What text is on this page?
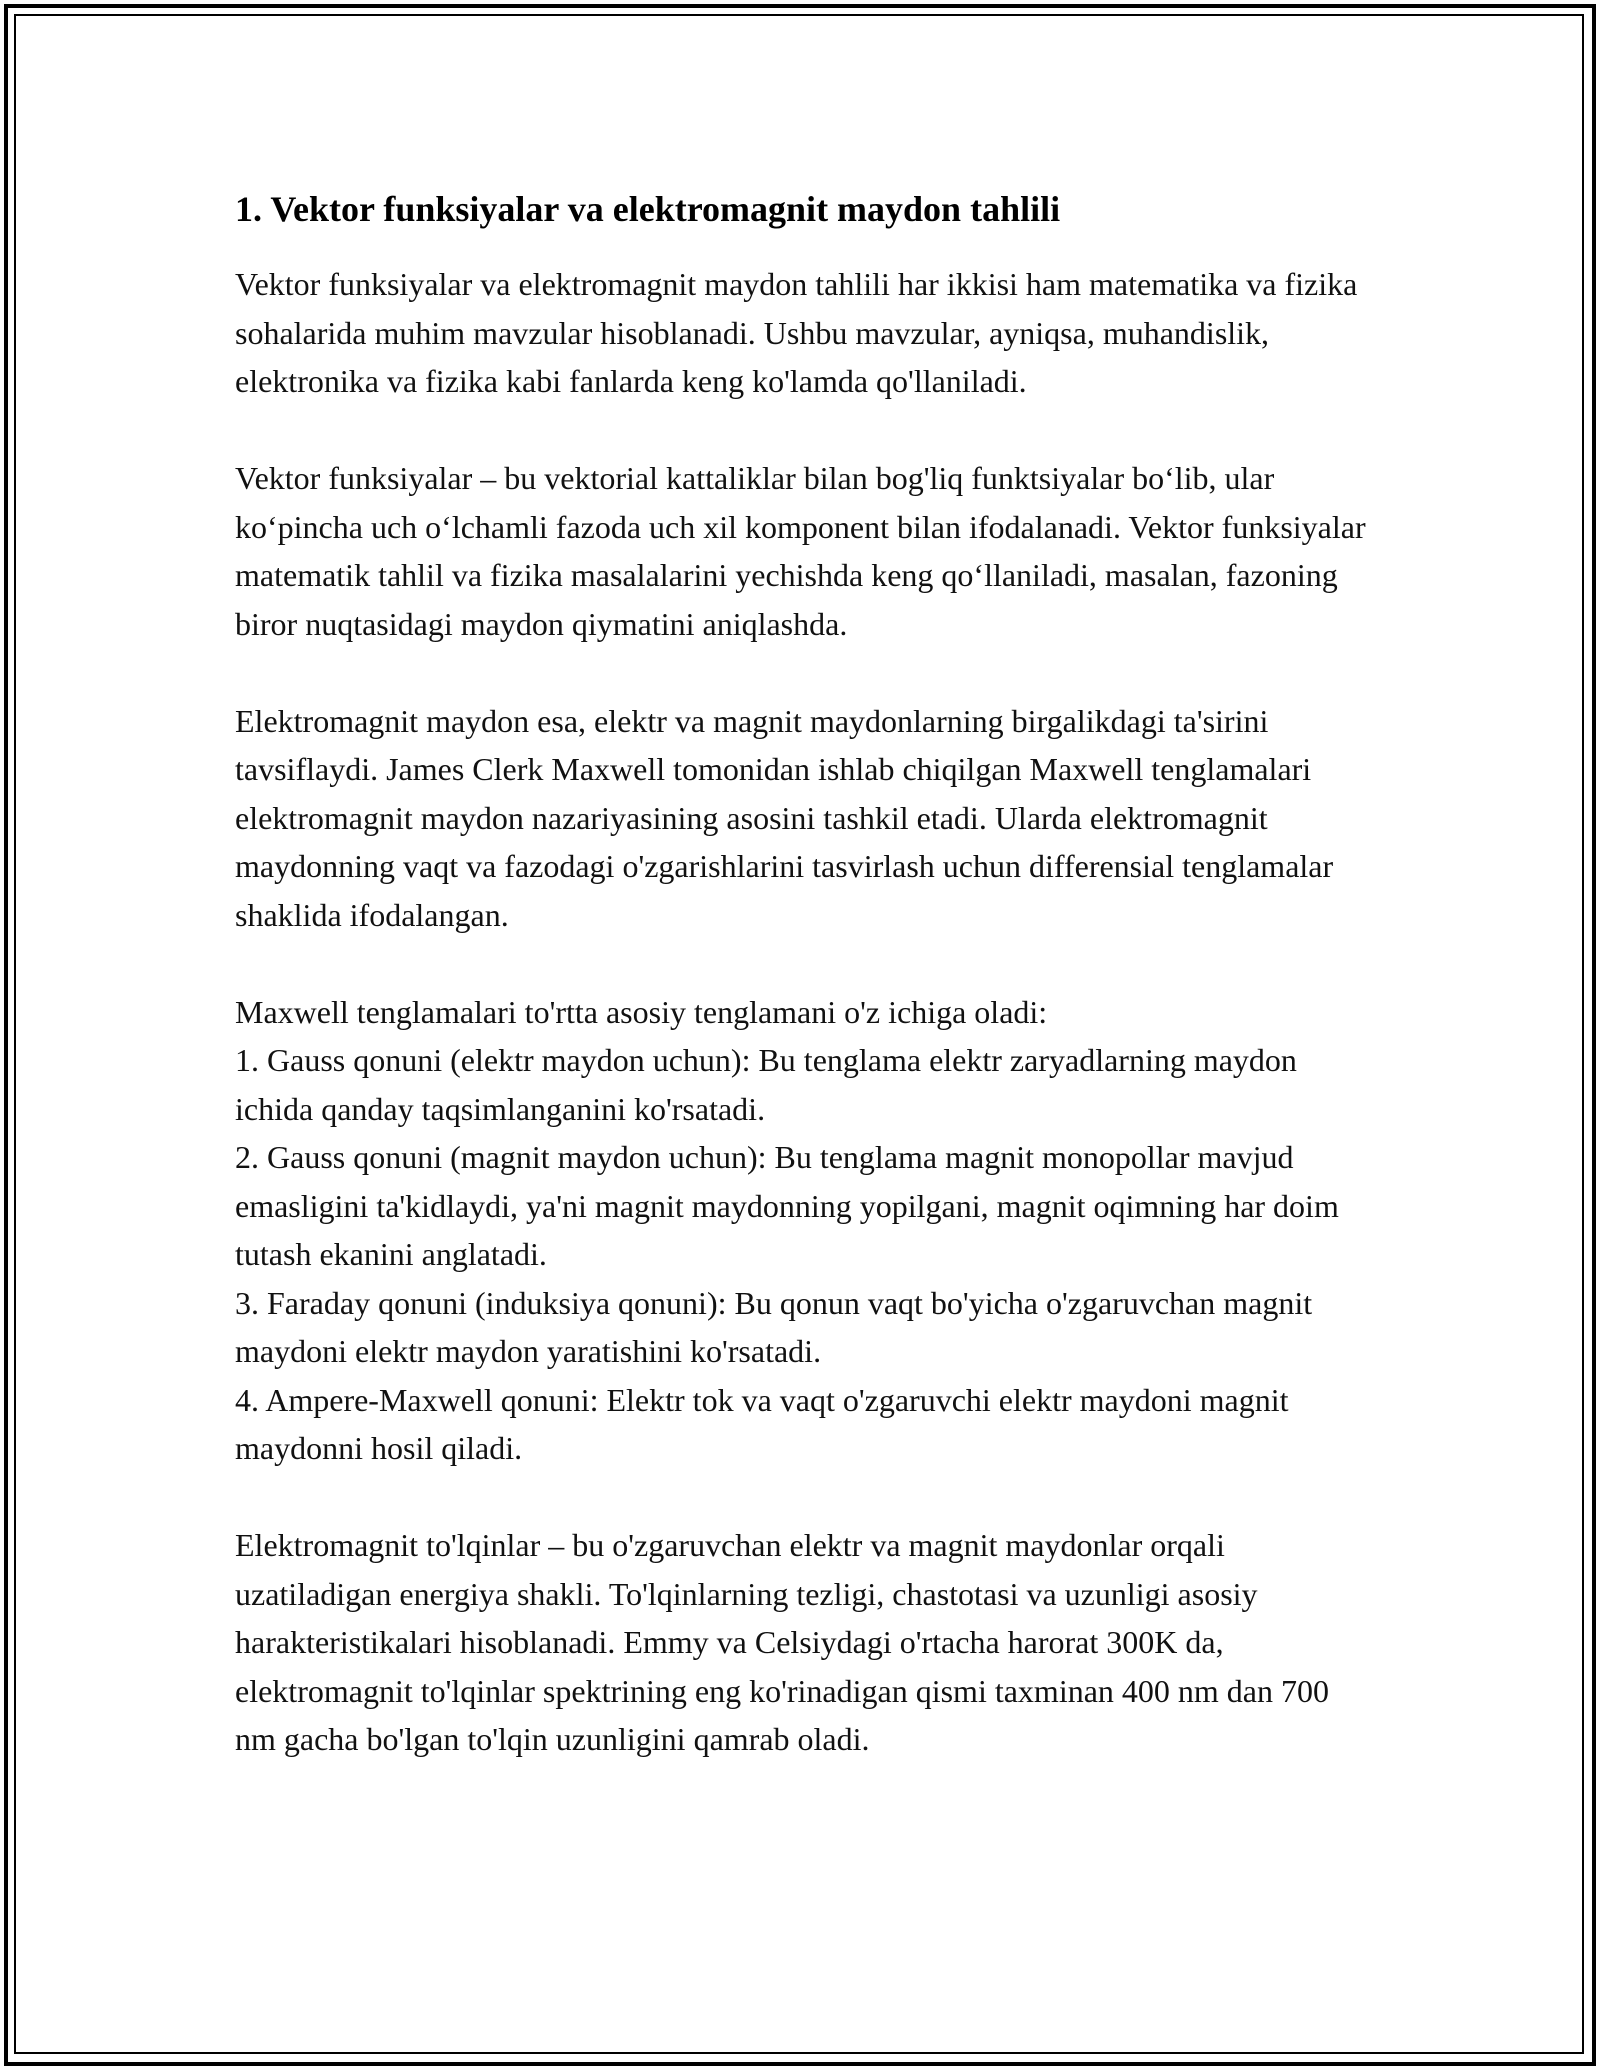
1. Vektor funksiyalar va elektromagnit maydon tahlili

Vektor funksiyalar va elektromagnit maydon tahlili har ikkisi ham matematika va fizika sohalarida muhim mavzular hisoblanadi. Ushbu mavzular, ayniqsa, muhandislik, elektronika va fizika kabi fanlarda keng ko'lamda qo'llaniladi.

Vektor funksiyalar – bu vektorial kattaliklar bilan bog'liq funktsiyalar bo‘lib, ular ko‘pincha uch o‘lchamli fazoda uch xil komponent bilan ifodalanadi. Vektor funksiyalar matematik tahlil va fizika masalalarini yechishda keng qo‘llaniladi, masalan, fazoning biror nuqtasidagi maydon qiymatini aniqlashda.

Elektromagnit maydon esa, elektr va magnit maydonlarning birgalikdagi ta'sirini tavsiflaydi. James Clerk Maxwell tomonidan ishlab chiqilgan Maxwell tenglamalari elektromagnit maydon nazariyasining asosini tashkil etadi. Ularda elektromagnit maydonning vaqt va fazodagi o'zgarishlarini tasvirlash uchun differensial tenglamalar shaklida ifodalangan.

Maxwell tenglamalari to'rtta asosiy tenglamani o'z ichiga oladi:

1. Gauss qonuni (elektr maydon uchun): Bu tenglama elektr zaryadlarning maydon ichida qanday taqsimlanganini ko'rsatadi.

2. Gauss qonuni (magnit maydon uchun): Bu tenglama magnit monopollar mavjud emasligini ta'kidlaydi, ya'ni magnit maydonning yopilgani, magnit oqimning har doim tutash ekanini anglatadi.

3. Faraday qonuni (induksiya qonuni): Bu qonun vaqt bo'yicha o'zgaruvchan magnit maydoni elektr maydon yaratishini ko'rsatadi.

4. Ampere-Maxwell qonuni: Elektr tok va vaqt o'zgaruvchi elektr maydoni magnit maydonni hosil qiladi.

Elektromagnit to'lqinlar – bu o'zgaruvchan elektr va magnit maydonlar orqali uzatiladigan energiya shakli. To'lqinlarning tezligi, chastotasi va uzunligi asosiy harakteristikalari hisoblanadi. Emmy va Celsiydagi o'rtacha harorat 300K da, elektromagnit to'lqinlar spektrining eng ko'rinadigan qismi taxminan 400 nm dan 700 nm gacha bo'lgan to'lqin uzunligini qamrab oladi.
